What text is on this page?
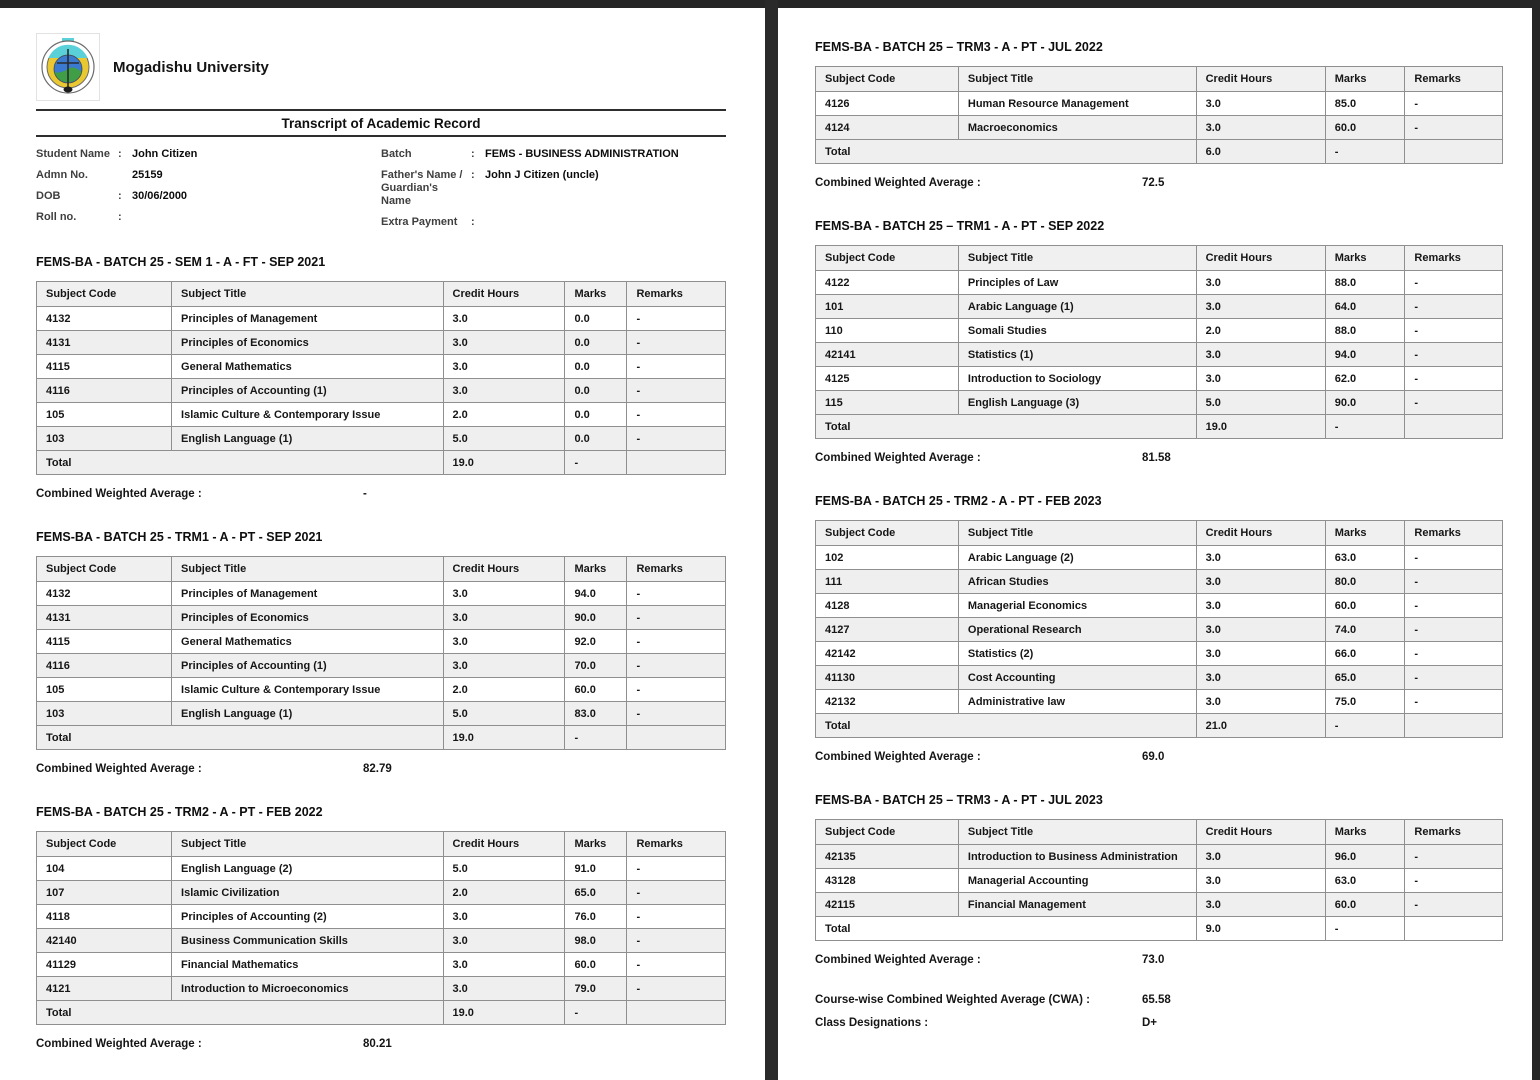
Mogadishu University
Transcript of Academic Record
Student Name : John Citizen
Admn No.	25159
DOB	: 30/06/2000
Roll no.	:
Batch	: FEMS - BUSINESS ADMINISTRATION
Father's Name / Guardian's Name
: John J Citizen (uncle)
Extra Payment	:
FEMS-BA - BATCH 25 - SEM 1 - A - FT - SEP 2021
Subject Code	Subject Title	Credit Hours	Marks	Remarks
4132	Principles of Management	3.0	0.0	-
4131	Principles of Economics	3.0	0.0	-
4115	General Mathematics	3.0	0.0	-
4116	Principles of Accounting (1)	3.0	0.0	-
105	Islamic Culture & Contemporary Issue	2.0	0.0	-
103	English Language (1)	5.0	0.0	-
Total		19.0	-	
Combined Weighted Average :	-
FEMS-BA - BATCH 25 - TRM1 - A - PT - SEP 2021
Subject Code	Subject Title	Credit Hours	Marks	Remarks
4132	Principles of Management	3.0	94.0	-
4131	Principles of Economics	3.0	90.0	-
4115	General Mathematics	3.0	92.0	-
4116	Principles of Accounting (1)	3.0	70.0	-
105	Islamic Culture & Contemporary Issue	2.0	60.0	-
103	English Language (1)	5.0	83.0	-
Total		19.0	-	
Combined Weighted Average :	82.79
FEMS-BA - BATCH 25 - TRM2 - A - PT - FEB 2022
Subject Code	Subject Title	Credit Hours	Marks	Remarks
104	English Language (2)	5.0	91.0	-
107	Islamic Civilization	2.0	65.0	-
4118	Principles of Accounting (2)	3.0	76.0	-
42140	Business Communication Skills	3.0	98.0	-
41129	Financial Mathematics	3.0	60.0	-
4121	Introduction to Microeconomics	3.0	79.0	-
Total		19.0	-	
Combined Weighted Average :	80.21
FEMS-BA - BATCH 25 – TRM3 - A - PT - JUL 2022
Subject Code	Subject Title	Credit Hours	Marks	Remarks
4126	Human Resource Management	3.0	85.0	-
4124	Macroeconomics	3.0	60.0	-
Total		6.0	-	
Combined Weighted Average :	72.5
FEMS-BA - BATCH 25 – TRM1 - A - PT - SEP 2022
Subject Code	Subject Title	Credit Hours	Marks	Remarks
4122	Principles of Law	3.0	88.0	-
101	Arabic Language (1)	3.0	64.0	-
110	Somali Studies	2.0	88.0	-
42141	Statistics (1)	3.0	94.0	-
4125	Introduction to Sociology	3.0	62.0	-
115	English Language (3)	5.0	90.0	-
Total		19.0	-	
Combined Weighted Average :	81.58
FEMS-BA - BATCH 25 - TRM2 - A - PT - FEB 2023
Subject Code	Subject Title	Credit Hours	Marks	Remarks
102	Arabic Language (2)	3.0	63.0	-
111	African Studies	3.0	80.0	-
4128	Managerial Economics	3.0	60.0	-
4127	Operational Research	3.0	74.0	-
42142	Statistics (2)	3.0	66.0	-
41130	Cost Accounting	3.0	65.0	-
42132	Administrative law	3.0	75.0	-
Total		21.0	-	
Combined Weighted Average :	69.0
FEMS-BA - BATCH 25 – TRM3 - A - PT - JUL 2023
Subject Code	Subject Title	Credit Hours	Marks	Remarks
42135	Introduction to Business Administration	3.0	96.0	-
43128	Managerial Accounting	3.0	63.0	-
42115	Financial Management	3.0	60.0	-
Total		9.0	-	
Combined Weighted Average :	73.0
Course-wise Combined Weighted Average (CWA) :	65.58
Class Designations :	D+
